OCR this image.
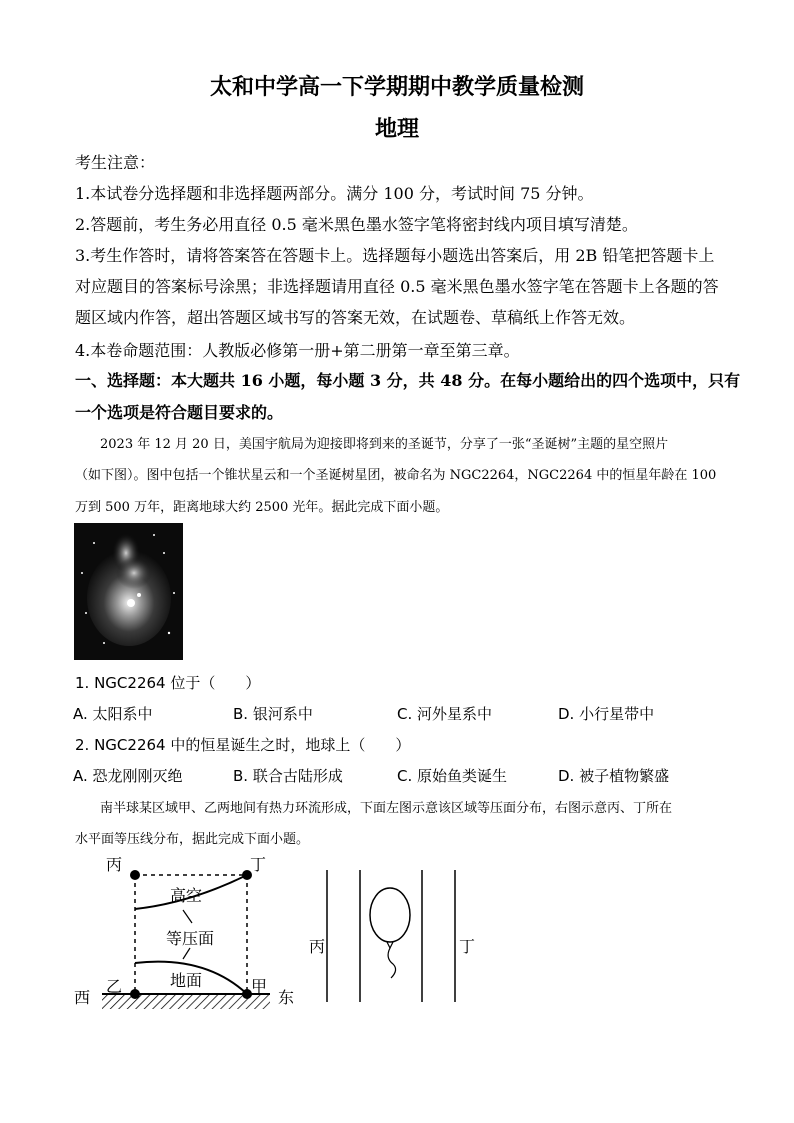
太和中学高一下学期期中教学质量检测
地理
考生注意：
1.本试卷分选择题和非选择题两部分。满分 100 分，考试时间 75 分钟。
2.答题前，考生务必用直径 0.5 毫米黑色墨水签字笔将密封线内项目填写清楚。
3.考生作答时，请将答案答在答题卡上。选择题每小题选出答案后，用 2B 铅笔把答题卡上
对应题目的答案标号涂黑；非选择题请用直径 0.5 毫米黑色墨水签字笔在答题卡上各题的答
题区域内作答，超出答题区域书写的答案无效，在试题卷、草稿纸上作答无效。
4.本卷命题范围：人教版必修第一册+第二册第一章至第三章。
一、选择题：本大题共 16 小题，每小题 3 分，共 48 分。在每小题给出的四个选项中，只有
一个选项是符合题目要求的。
2023 年 12 月 20 日，美国宇航局为迎接即将到来的圣诞节，分享了一张“圣诞树”主题的星空照片
（如下图）。图中包括一个锥状星云和一个圣诞树星团，被命名为 NGC2264，NGC2264 中的恒星年龄在 100
万到 500 万年，距离地球大约 2500 光年。据此完成下面小题。
1. NGC2264 位于（　　）
A. 太阳系中	B. 银河系中	C. 河外星系中	D. 小行星带中
2. NGC2264 中的恒星诞生之时，地球上（　　）
A. 恐龙刚刚灭绝	B. 联合古陆形成	C. 原始鱼类诞生	D. 被子植物繁盛
南半球某区域甲、乙两地间有热力环流形成，下面左图示意该区域等压面分布，右图示意丙、丁所在
水平面等压线分布，据此完成下面小题。
丙	丁
高空
等压面
地面
西
乙	甲
东
丙	丁
